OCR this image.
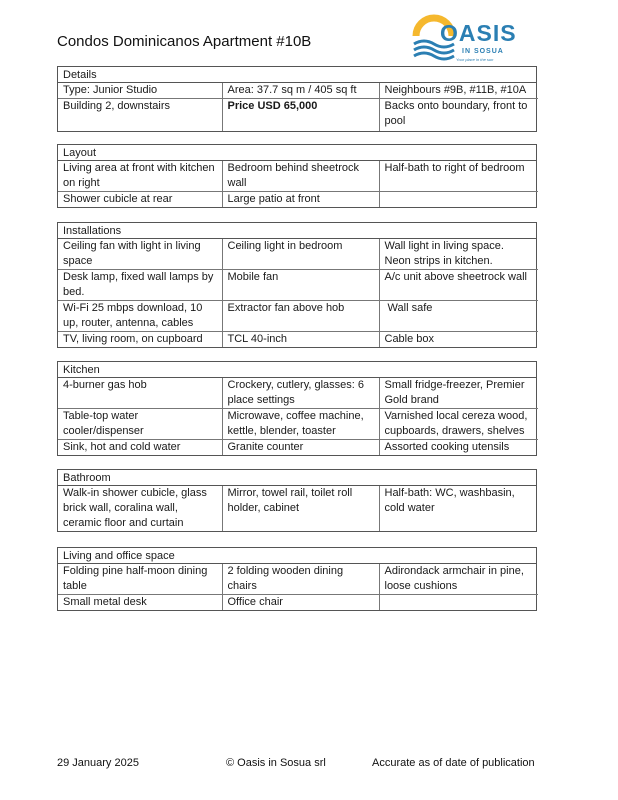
Condos Dominicanos Apartment #10B	OASIS
IN SOSUA
Your place in the sun
Details
Type: Junior Studio	Area: 37.7 sq m / 405 sq ft	Neighbours #9B, #11B, #10A
Building 2, downstairs	Price USD 65,000	Backs onto boundary, front to pool
Layout
Living area at front with kitchen on right	Bedroom behind sheetrock wall	Half-bath to right of bedroom
Shower cubicle at rear	Large patio at front	
Installations
Ceiling fan with light in living space	Ceiling light in bedroom	Wall light in living space. Neon strips in kitchen.
Desk lamp, fixed wall lamps by bed.	Mobile fan	A/c unit above sheetrock wall
Wi-Fi 25 mbps download, 10 up, router, antenna, cables	Extractor fan above hob	Wall safe
TV, living room, on cupboard	TCL 40-inch	Cable box
Kitchen
4-burner gas hob	Crockery, cutlery, glasses: 6 place settings	Small fridge-freezer, Premier Gold brand
Table-top water cooler/dispenser	Microwave, coffee machine, kettle, blender, toaster	Varnished local cereza wood, cupboards, drawers, shelves
Sink, hot and cold water	Granite counter	Assorted cooking utensils
Bathroom
Walk-in shower cubicle, glass brick wall, coralina wall, ceramic floor and curtain	Mirror, towel rail, toilet roll holder, cabinet	Half-bath: WC, washbasin, cold water
Living and office space
Folding pine half-moon dining table	2 folding wooden dining chairs	Adirondack armchair in pine, loose cushions
Small metal desk	Office chair	
29 January 2025	© Oasis in Sosua srl	Accurate as of date of publication
